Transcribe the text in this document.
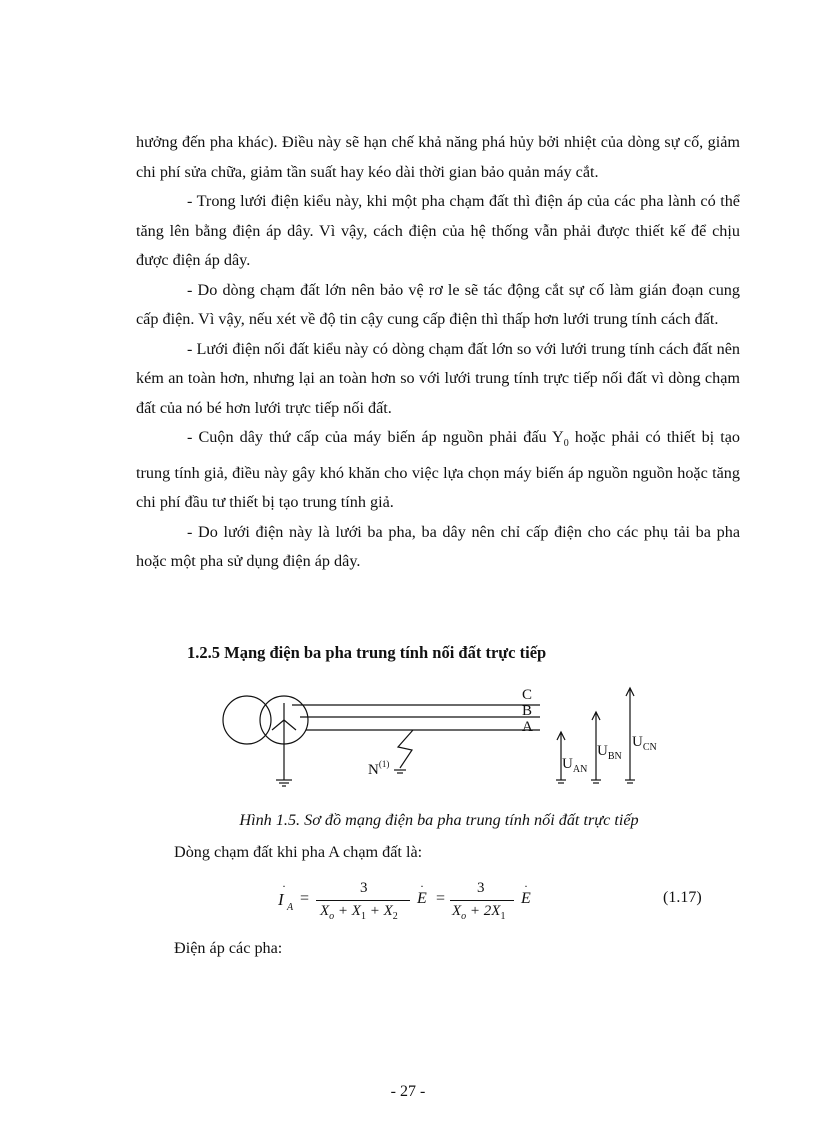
hưởng đến pha khác). Điều này sẽ hạn chế khả năng phá hủy bởi nhiệt của dòng sự cố, giảm chi phí sửa chữa, giảm tần suất hay kéo dài thời gian bảo quản máy cắt.

- Trong lưới điện kiểu này, khi một pha chạm đất thì điện áp của các pha lành có thể tăng lên bằng điện áp dây. Vì vậy, cách điện của hệ thống vẫn phải được thiết kế để chịu được điện áp dây.

- Do dòng chạm đất lớn nên bảo vệ rơ le sẽ tác động cắt sự cố làm gián đoạn cung cấp điện. Vì vậy, nếu xét về độ tin cậy cung cấp điện thì thấp hơn lưới trung tính cách đất.

- Lưới điện nối đất kiểu này có dòng chạm đất lớn so với lưới trung tính cách đất nên kém an toàn hơn, nhưng lại an toàn hơn so với lưới trung tính trực tiếp nối đất vì dòng chạm đất của nó bé hơn lưới trực tiếp nối đất.

- Cuộn dây thứ cấp của máy biến áp nguồn phải đấu $Y_0$ hoặc phải có thiết bị tạo trung tính giả, điều này gây khó khăn cho việc lựa chọn máy biến áp nguồn nguồn hoặc tăng chi phí đầu tư thiết bị tạo trung tính giả.

- Do lưới điện này là lưới ba pha, ba dây nên chỉ cấp điện cho các phụ tải ba pha hoặc một pha sử dụng điện áp dây.

1.2.5 Mạng điện ba pha trung tính nối đất trực tiếp
C
B
A
$N^{(1)}$	$U_{AN}$
$U_{BN}$
$U_{CN}$
Hình 1.5. Sơ đồ mạng điện ba pha trung tính nối đất trực tiếp
Dòng chạm đất khi pha A chạm đất là:
I
·
A
=
3
$X_o + X_1 + X_2$
E
·
=
3
$X_o + 2X_1$
E
·
(1.17)
Điện áp các pha:
- 27 -
